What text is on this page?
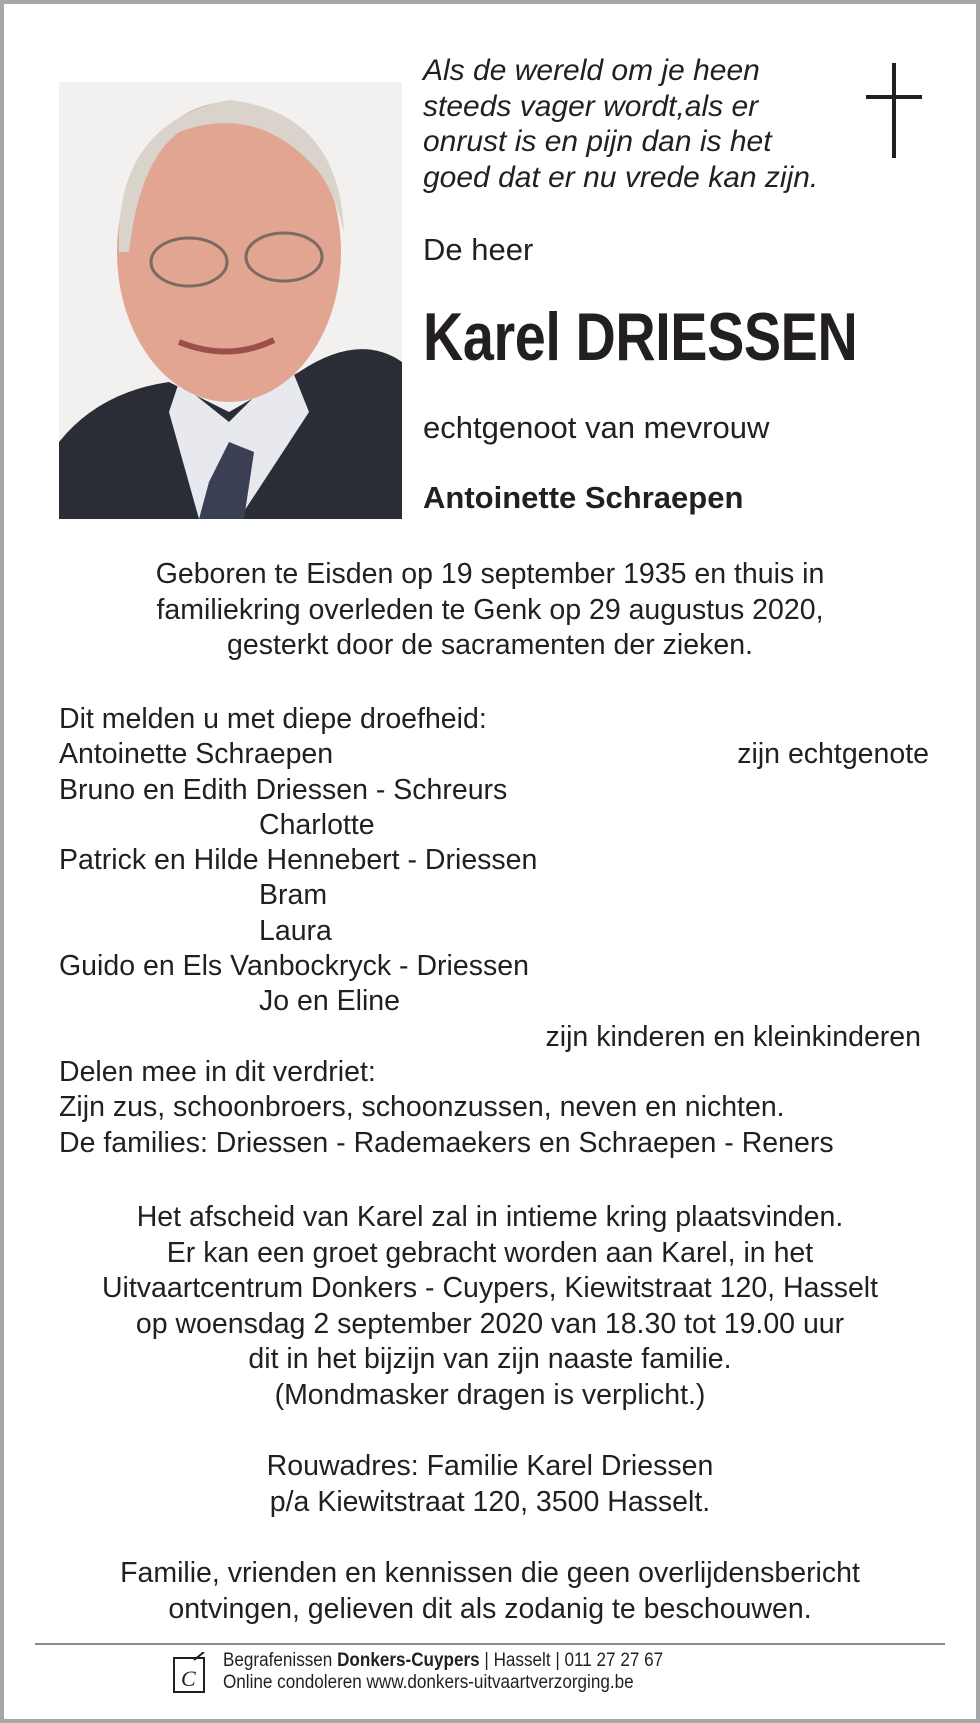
Als de wereld om je heen
steeds vager wordt,als er
onrust is en pijn dan is het
goed dat er nu vrede kan zijn.
De heer
Karel DRIESSEN
echtgenoot van mevrouw
Antoinette Schraepen
Geboren te Eisden op 19 september 1935 en thuis in
familiekring overleden te Genk op 29 augustus 2020,
gesterkt door de sacramenten der zieken.
Dit melden u met diepe droefheid:
Antoinette Schraepen	zijn echtgenote
Bruno en Edith Driessen - Schreurs
Charlotte
Patrick en Hilde Hennebert - Driessen
Bram
Laura
Guido en Els Vanbockryck - Driessen
Jo en Eline
zijn kinderen en kleinkinderen
Delen mee in dit verdriet:
Zijn zus, schoonbroers, schoonzussen, neven en nichten.
De families: Driessen - Rademaekers en Schraepen - Reners
Het afscheid van Karel zal in intieme kring plaatsvinden.
Er kan een groet gebracht worden aan Karel, in het
Uitvaartcentrum Donkers - Cuypers, Kiewitstraat 120, Hasselt
op woensdag 2 september 2020 van 18.30 tot 19.00 uur
dit in het bijzijn van zijn naaste familie.
(Mondmasker dragen is verplicht.)
Rouwadres: Familie Karel Driessen
p/a Kiewitstraat 120, 3500 Hasselt.
Familie, vrienden en kennissen die geen overlijdensbericht
ontvingen, gelieven dit als zodanig te beschouwen.
C
Begrafenissen Donkers-Cuypers | Hasselt | 011 27 27 67
Online condoleren www.donkers-uitvaartverzorging.be
